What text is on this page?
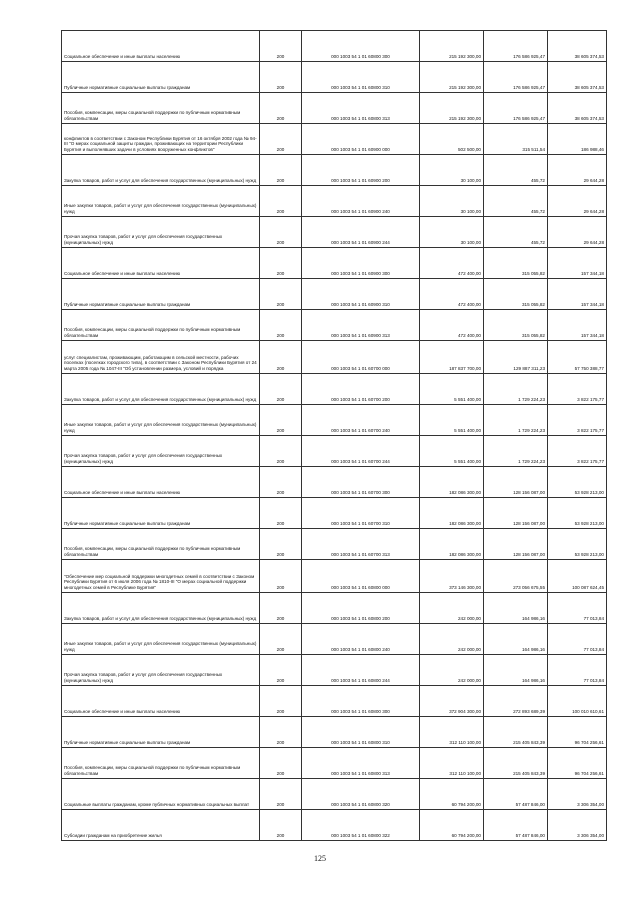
Социальное обеспечение и иные выплаты населению	200	000 1003 54 1 01 60800 300	215 192 300,00	176 586 925,47	38 605 374,53
Публичные нормативные социальные выплаты гражданам	200	000 1003 54 1 01 60800 310	215 192 300,00	176 586 925,47	38 605 374,53
Пособия, компенсации, меры социальной поддержки по публичным нормативным обязательствам	200	000 1003 54 1 01 60800 313	215 192 300,00	176 586 925,47	38 605 374,53
конфликтов в соответствии с Законом Республики Бурятия от 16 октября 2002 года № 94-III "О мерах социальной защиты граждан, проживающих на территории Республики Бурятия и выполнявших задачи в условиях вооруженных конфликтов"	200	000 1003 54 1 01 60900 000	502 500,00	315 511,54	186 988,46
Закупка товаров, работ и услуг для обеспечения государственных (муниципальных) нужд	200	000 1003 54 1 01 60900 200	30 100,00	455,72	29 644,28
Иные закупки товаров, работ и услуг для обеспечения государственных (муниципальных) нужд	200	000 1003 54 1 01 60900 240	30 100,00	455,72	29 644,28
Прочая закупка товаров, работ и услуг для обеспечения государственных (муниципальных) нужд	200	000 1003 54 1 01 60900 244	30 100,00	455,72	29 644,28
Социальное обеспечение и иные выплаты населению	200	000 1003 54 1 01 60900 300	472 400,00	315 055,82	157 344,18
Публичные нормативные социальные выплаты гражданам	200	000 1003 54 1 01 60900 310	472 400,00	315 055,82	157 344,18
Пособия, компенсации, меры социальной поддержки по публичным нормативным обязательствам	200	000 1003 54 1 01 60900 313	472 400,00	315 055,82	157 344,18
услуг специалистам, проживающим, работающим в сельской местности, рабочих поселках (поселках городского типа), в соответствии с Законом Республики Бурятия от 24 марта 2005 года № 1047-III "Об установлении размера, условий и порядка	200	000 1003 54 1 01 60700 000	187 837 700,00	129 887 311,23	57 750 388,77
Закупка товаров, работ и услуг для обеспечения государственных (муниципальных) нужд	200	000 1003 54 1 01 60700 200	5 551 400,00	1 729 224,23	3 822 175,77
Иные закупки товаров, работ и услуг для обеспечения государственных (муниципальных) нужд	200	000 1003 54 1 01 60700 240	5 551 400,00	1 729 224,23	3 822 175,77
Прочая закупка товаров, работ и услуг для обеспечения государственных (муниципальных) нужд	200	000 1003 54 1 01 60700 244	5 551 400,00	1 729 224,23	3 822 175,77
Социальное обеспечение и иные выплаты населению	200	000 1003 54 1 01 60700 300	182 086 300,00	128 156 087,00	53 928 213,00
Публичные нормативные социальные выплаты гражданам	200	000 1003 54 1 01 60700 310	182 086 300,00	128 156 087,00	53 928 213,00
Пособия, компенсации, меры социальной поддержки по публичным нормативным обязательствам	200	000 1003 54 1 01 60700 313	182 086 300,00	128 156 087,00	53 928 213,00
"Обеспечение мер социальной поддержки многодетных семей в соответствии с Законом Республики Бурятия от 6 июля 2006 года № 1810-III "О мерах социальной поддержки многодетных семей в Республике Бурятия"	200	000 1003 54 1 01 60800 000	373 146 300,00	273 056 675,55	100 087 624,45
Закупка товаров, работ и услуг для обеспечения государственных (муниципальных) нужд	200	000 1003 54 1 01 60800 200	242 000,00	164 986,16	77 013,84
Иные закупки товаров, работ и услуг для обеспечения государственных (муниципальных) нужд	200	000 1003 54 1 01 60800 240	242 000,00	164 986,16	77 013,84
Прочая закупка товаров, работ и услуг для обеспечения государственных (муниципальных) нужд	200	000 1003 54 1 01 60800 244	242 000,00	164 986,16	77 013,84
Социальное обеспечение и иные выплаты населению	200	000 1003 54 1 01 60800 300	372 904 300,00	272 893 689,39	100 010 610,61
Публичные нормативные социальные выплаты гражданам	200	000 1003 54 1 01 60800 310	312 110 100,00	215 405 843,39	96 704 256,61
Пособия, компенсации, меры социальной поддержки по публичным нормативным обязательствам	200	000 1003 54 1 01 60800 313	312 110 100,00	215 405 843,39	96 704 256,61
Социальные выплаты гражданам, кроме публичных нормативных социальных выплат	200	000 1003 54 1 01 60800 320	60 794 200,00	57 487 846,00	3 306 354,00
Субсидии гражданам на приобретение жилья	200	000 1003 54 1 01 60800 322	60 794 200,00	57 487 846,00	3 306 354,00
125
